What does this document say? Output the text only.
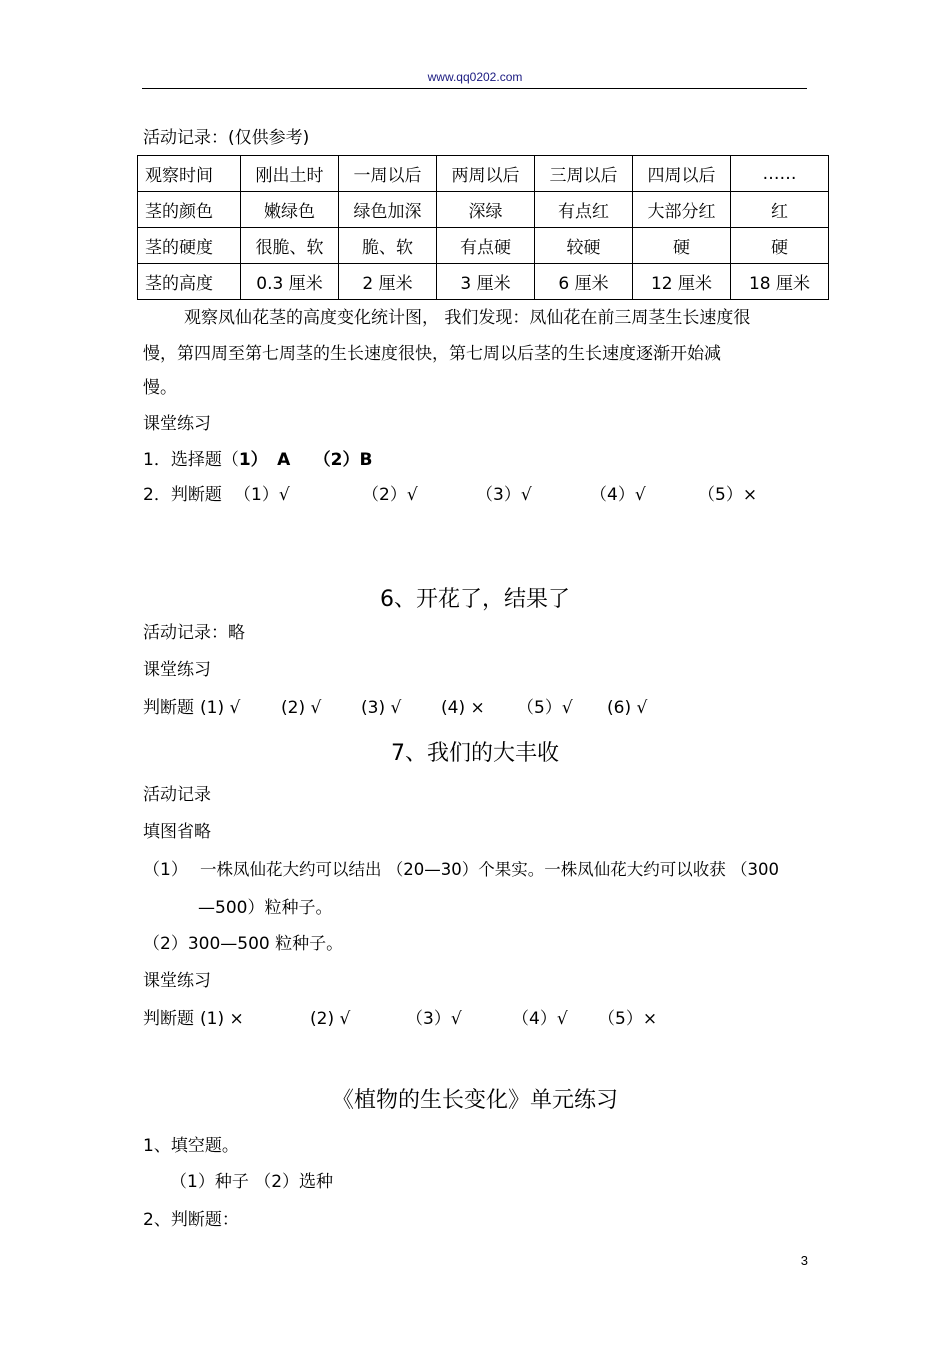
www.qq0202.com
活动记录：(仅供参考)
观察时间	刚出土时	一周以后	两周以后	三周以后	四周以后	……
茎的颜色	嫩绿色	绿色加深	深绿	有点红	大部分红	红
茎的硬度	很脆、软	脆、软	有点硬	较硬	硬	硬
茎的高度	0.3 厘米	2 厘米	3 厘米	6 厘米	12 厘米	18 厘米
观察凤仙花茎的高度变化统计图， 我们发现：凤仙花在前三周茎生长速度很
慢，第四周至第七周茎的生长速度很快，第七周以后茎的生长速度逐渐开始减
慢。
课堂练习
1．选择题（1） A （2）B
2．判断题 （1）√	（2）√	（3）√	（4）√	（5）×
6、开花了，结果了
活动记录：略
课堂练习
判断题 (1) √ (2) √ (3) √ (4) × （5）√ (6) √
7、我们的大丰收
活动记录
填图省略
（1） 一株凤仙花大约可以结出 （20—30）个果实。一株凤仙花大约可以收获 （300
—500）粒种子。
（2）300—500 粒种子。
课堂练习
判断题 (1) ×	(2) √	（3）√	（4）√ （5）×
《植物的生长变化》单元练习
1、填空题。
（1）种子 （2）选种
2、判断题：
3
